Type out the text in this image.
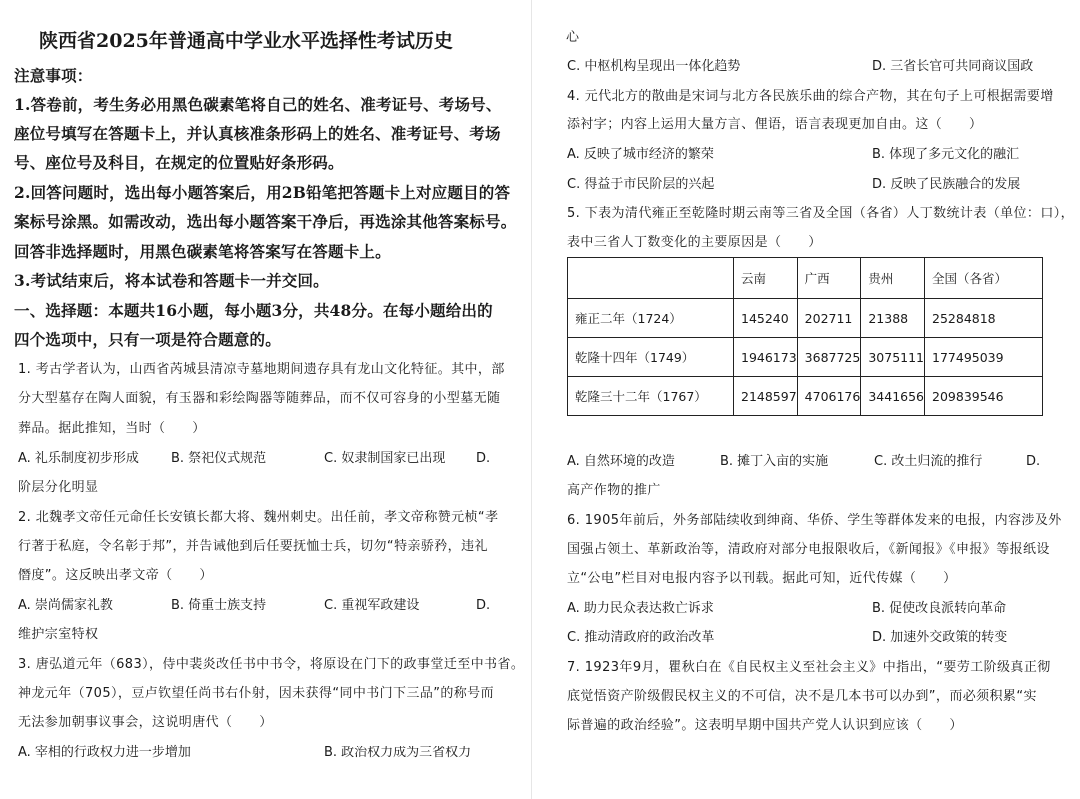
陕西省2025年普通高中学业水平选择性考试历史
注意事项：
1.答卷前，考生务必用黑色碳素笔将自己的姓名、准考证号、考场号、
座位号填写在答题卡上，并认真核准条形码上的姓名、准考证号、考场
号、座位号及科目，在规定的位置贴好条形码。
2.回答问题时，选出每小题答案后，用2B铅笔把答题卡上对应题目的答
案标号涂黑。如需改动，选出每小题答案干净后，再选涂其他答案标号。
回答非选择题时，用黑色碳素笔将答案写在答题卡上。
3.考试结束后，将本试卷和答题卡一并交回。
一、选择题：本题共16小题，每小题3分，共48分。在每小题给出的
四个选项中，只有一项是符合题意的。
1. 考古学者认为，山西省芮城县清凉寺墓地期间遗存具有龙山文化特征。其中，部
分大型墓存在陶人面貌，有玉器和彩绘陶器等随葬品，而不仅可容身的小型墓无随
葬品。据此推知，当时（　　）
A. 礼乐制度初步形成 B. 祭祀仪式规范	C. 奴隶制国家已出现 D.
阶层分化明显
2. 北魏孝文帝任元命任长安镇长都大将、魏州刺史。出任前，孝文帝称赞元桢“孝
行著于私庭，令名彰于邦”，并告诫他到后任要抚恤士兵，切勿“特亲骄矜，违礼
僭度”。这反映出孝文帝（　　）
A. 崇尚儒家礼教	B. 倚重士族支持	C. 重视军政建设	D.
维护宗室特权
3. 唐弘道元年（683），侍中裴炎改任书中书令，将原设在门下的政事堂迁至中书省。
神龙元年（705），豆卢钦望任尚书右仆射，因未获得“同中书门下三品”的称号而
无法参加朝事议事会，这说明唐代（　　）
A. 宰相的行政权力进一步增加	B. 政治权力成为三省权力
心
C. 中枢机构呈现出一体化趋势	D. 三省长官可共同商议国政
4. 元代北方的散曲是宋词与北方各民族乐曲的综合产物，其在句子上可根据需要增
添衬字；内容上运用大量方言、俚语，语言表现更加自由。这（　　）
A. 反映了城市经济的繁荣	B. 体现了多元文化的融汇
C. 得益于市民阶层的兴起	D. 反映了民族融合的发展
5. 下表为清代雍正至乾隆时期云南等三省及全国（各省）人丁数统计表（单位：口），
表中三省人丁数变化的主要原因是（　　）
	云南	广西	贵州	全国（各省）
雍正二年（1724）	145240	202711	21388	25284818
乾隆十四年（1749）	1946173	3687725	3075111	177495039
乾隆三十二年（1767）	2148597	4706176	3441656	209839546
A. 自然环境的改造	B. 摊丁入亩的实施	C. 改土归流的推行	D.
高产作物的推广
6. 1905年前后，外务部陆续收到绅商、华侨、学生等群体发来的电报，内容涉及外
国强占领土、革新政治等，清政府对部分电报限收后，《新闻报》《申报》等报纸设
立“公电”栏目对电报内容予以刊载。据此可知，近代传媒（　　）
A. 助力民众表达救亡诉求	B. 促使改良派转向革命
C. 推动清政府的政治改革	D. 加速外交政策的转变
7. 1923年9月，瞿秋白在《自民权主义至社会主义》中指出，“要劳工阶级真正彻
底觉悟资产阶级假民权主义的不可信，决不是几本书可以办到”，而必须积累“实
际普遍的政治经验”。这表明早期中国共产党人认识到应该（　　）
